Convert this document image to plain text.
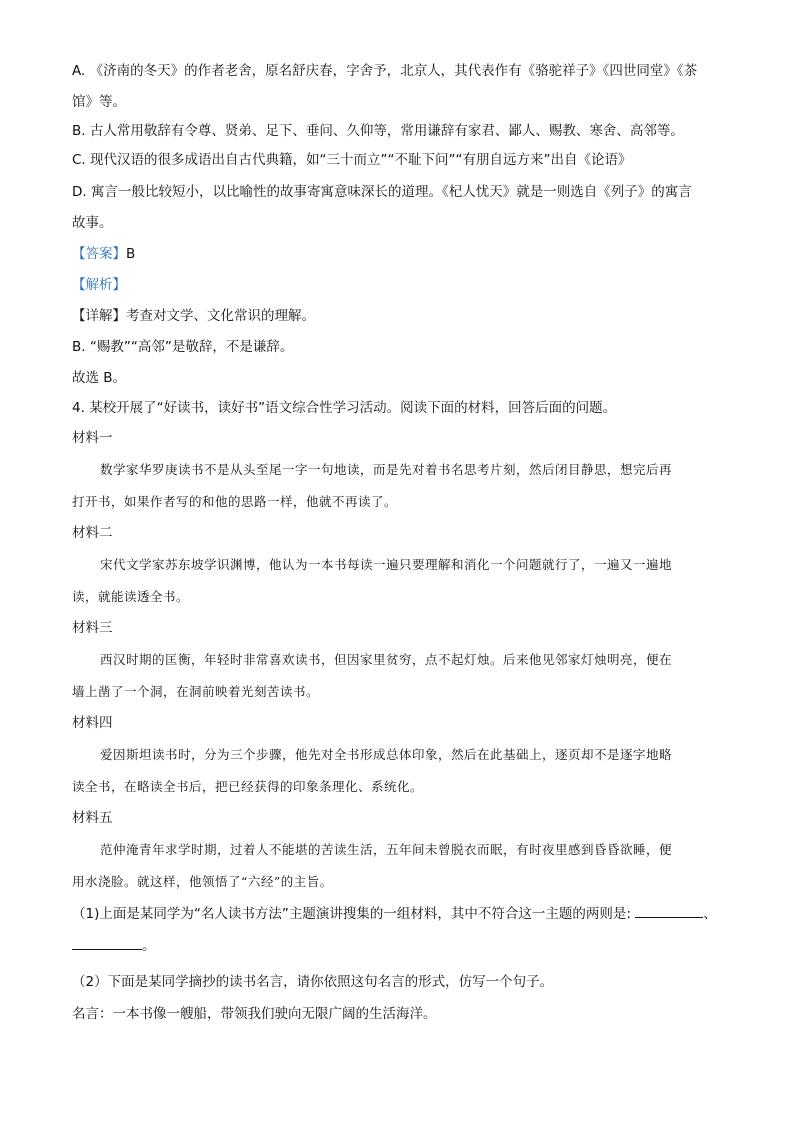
A. 《济南的冬天》的作者老舍，原名舒庆春，字舍予，北京人，其代表作有《骆驼祥子》《四世同堂》《茶
馆》等。
B. 古人常用敬辞有令尊、贤弟、足下、垂问、久仰等，常用谦辞有家君、鄙人、赐教、寒舍、高邻等。
C. 现代汉语的很多成语出自古代典籍，如“三十而立”“不耻下问”“有朋自远方来”出自《论语》
D. 寓言一般比较短小，以比喻性的故事寄寓意味深长的道理。《杞人忧天》就是一则选自《列子》的寓言
故事。
【答案】B
【解析】
【详解】考查对文学、文化常识的理解。
B. “赐教”“高邻”是敬辞，不是谦辞。
故选 B。
4. 某校开展了“好读书，读好书”语文综合性学习活动。阅读下面的材料，回答后面的问题。
材料一
数学家华罗庚读书不是从头至尾一字一句地读，而是先对着书名思考片刻，然后闭目静思，想完后再
打开书，如果作者写的和他的思路一样，他就不再读了。
材料二
宋代文学家苏东坡学识渊博，他认为一本书每读一遍只要理解和消化一个问题就行了，一遍又一遍地
读，就能读透全书。
材料三
西汉时期的匡衡，年轻时非常喜欢读书，但因家里贫穷，点不起灯烛。后来他见邻家灯烛明亮，便在
墙上凿了一个洞，在洞前映着光刻苦读书。
材料四
爱因斯坦读书时，分为三个步骤，他先对全书形成总体印象，然后在此基础上，逐页却不是逐字地略
读全书，在略读全书后，把已经获得的印象条理化、系统化。
材料五
范仲淹青年求学时期，过着人不能堪的苦读生活，五年间未曾脱衣而眠，有时夜里感到昏昏欲睡，便
用水浇脸。就这样，他领悟了“六经”的主旨。
（1)上面是某同学为“名人读书方法”主题演讲搜集的一组材料，其中不符合这一主题的两则是:	、
。
（2）下面是某同学摘抄的读书名言，请你依照这句名言的形式，仿写一个句子。
名言：一本书像一艘船，带领我们驶向无限广阔的生活海洋。
